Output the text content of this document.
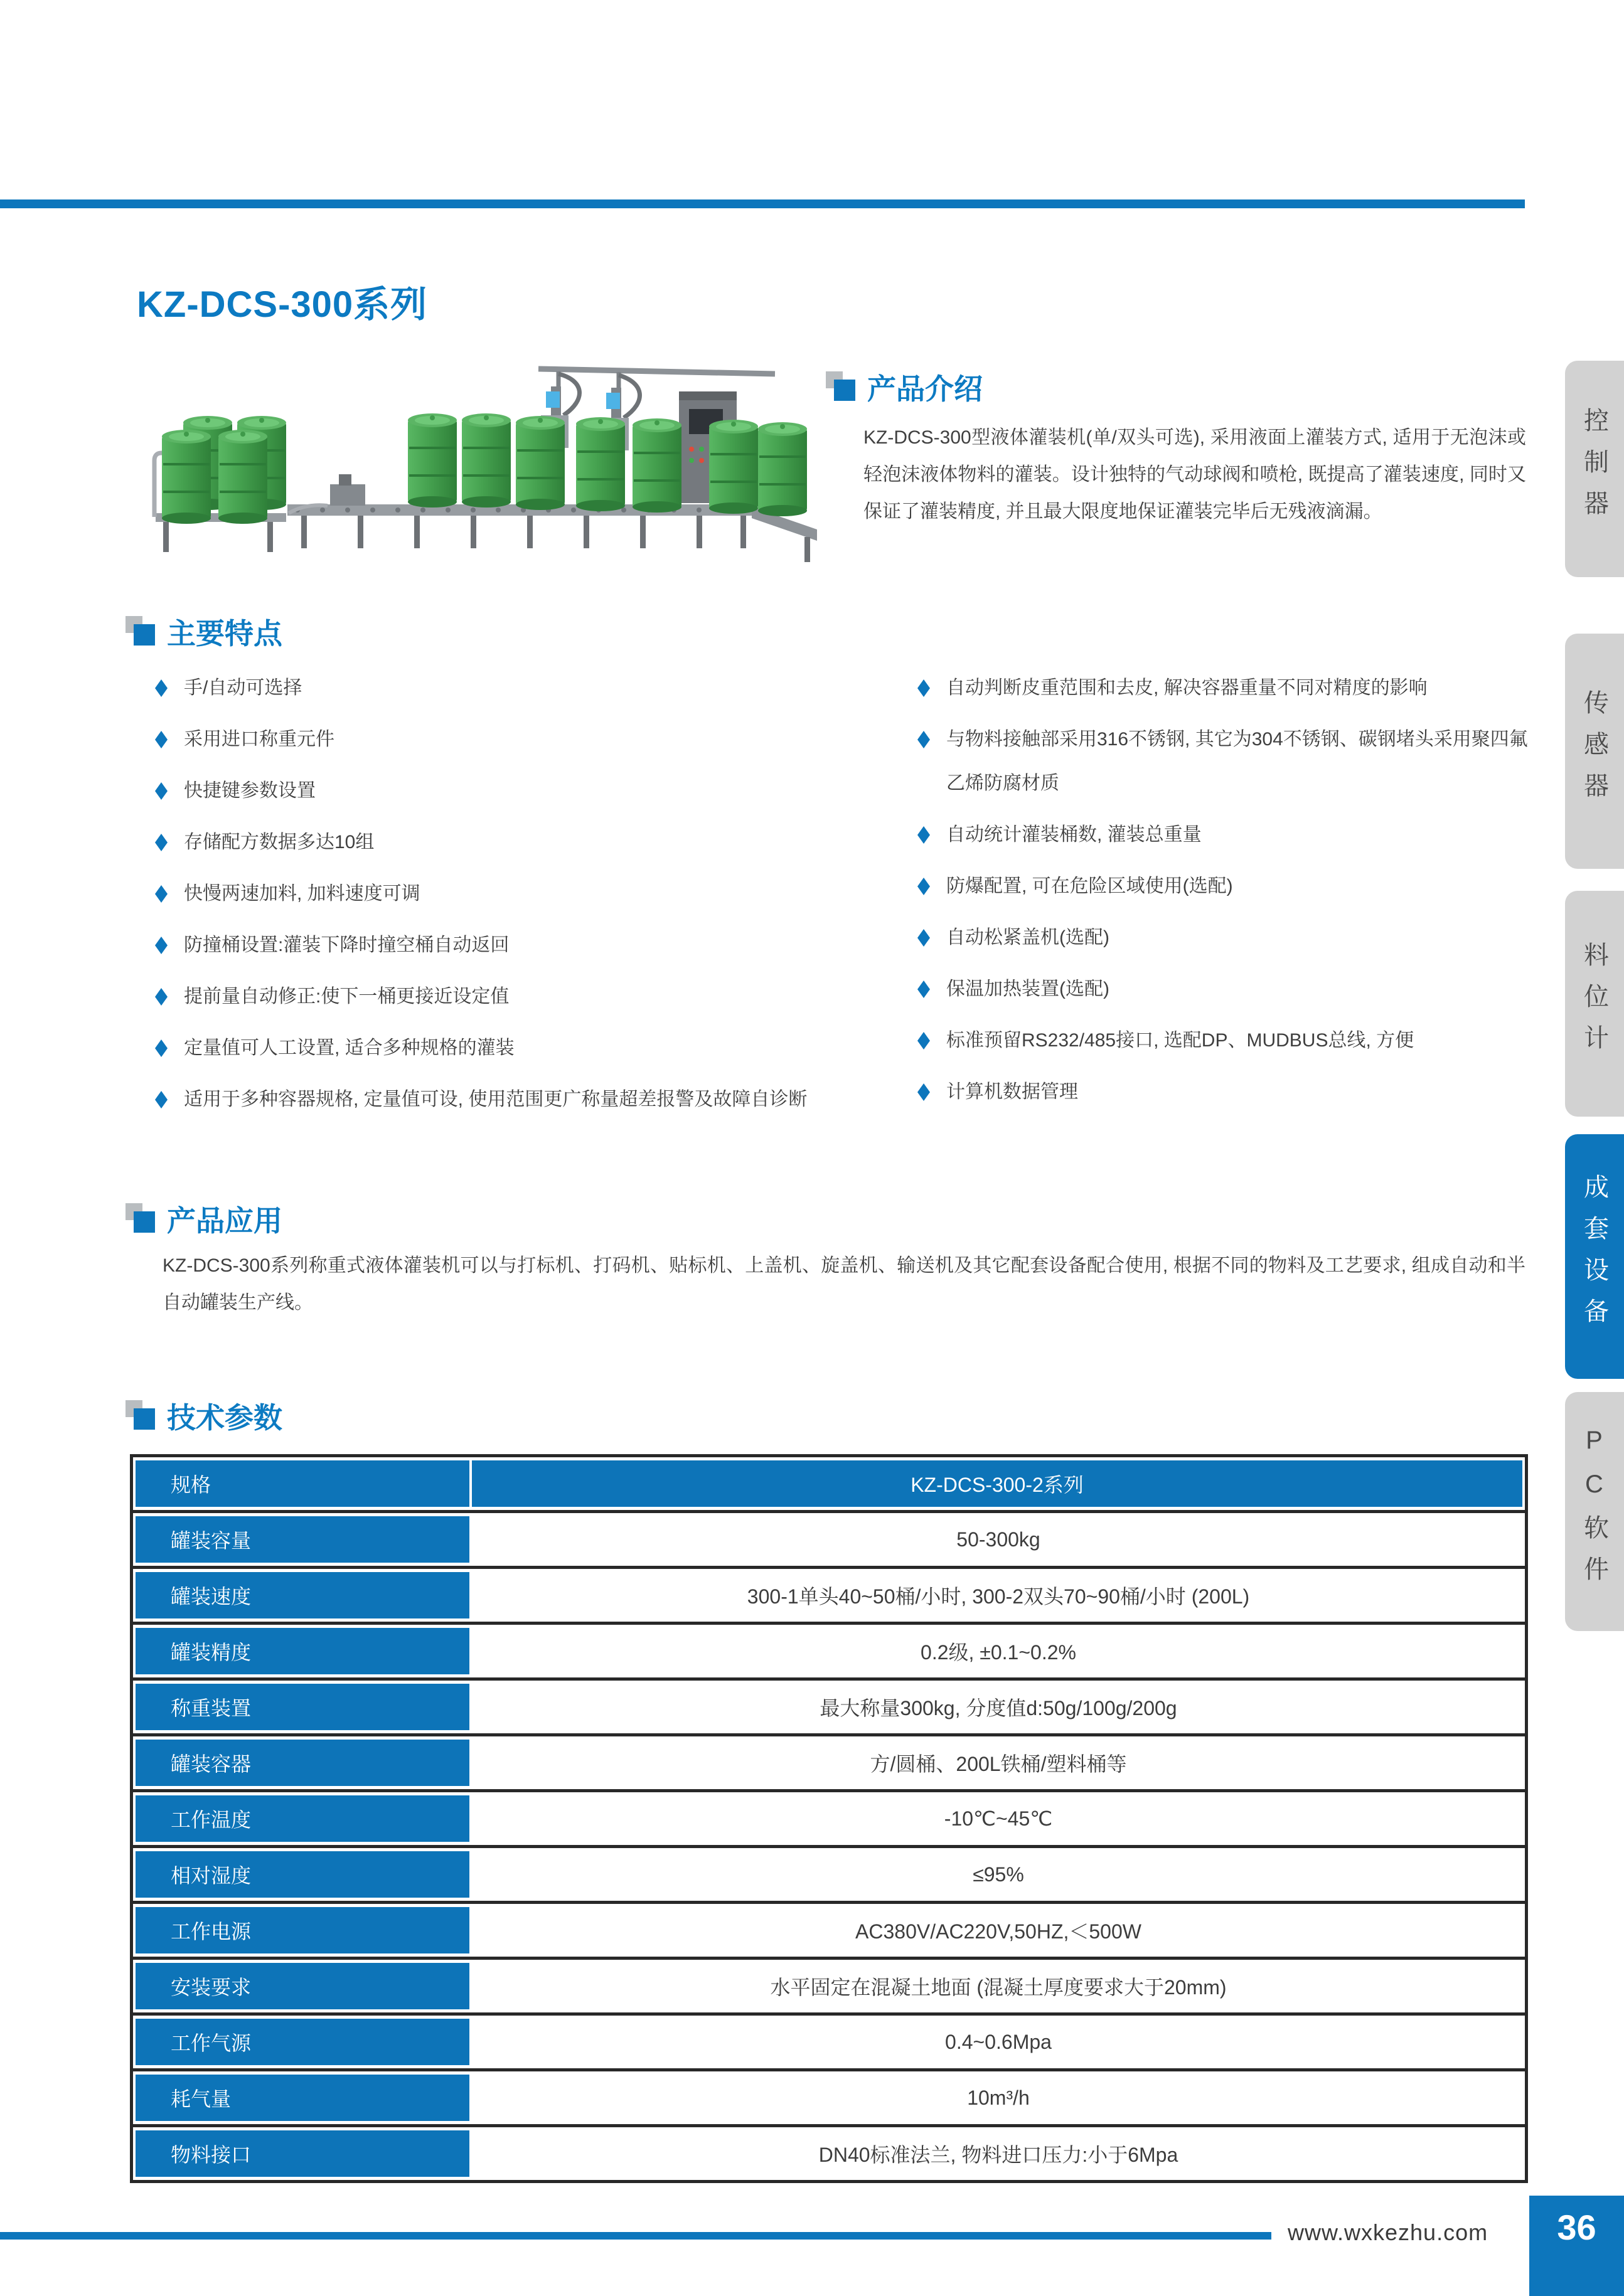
KZ-DCS-300系列
产品介绍
KZ-DCS-300型液体灌装机(单/双头可选), 采用液面上灌装方式, 适用于无泡沫或轻泡沫液体物料的灌装。设计独特的气动球阀和喷枪, 既提高了灌装速度, 同时又保证了灌装精度, 并且最大限度地保证灌装完毕后无残液滴漏。
主要特点
手/自动可选择
采用进口称重元件
快捷键参数设置
存储配方数据多达10组
快慢两速加料, 加料速度可调
防撞桶设置:灌装下降时撞空桶自动返回
提前量自动修正:使下一桶更接近设定值
定量值可人工设置, 适合多种规格的灌装
适用于多种容器规格, 定量值可设, 使用范围更广称量超差报警及故障自诊断
自动判断皮重范围和去皮, 解决容器重量不同对精度的影响
与物料接触部采用316不锈钢, 其它为304不锈钢、碳钢堵头采用聚四氟乙烯防腐材质
自动统计灌装桶数, 灌装总重量
防爆配置, 可在危险区域使用(选配)
自动松紧盖机(选配)
保温加热装置(选配)
标准预留RS232/485接口, 选配DP、MUDBUS总线, 方便
计算机数据管理
产品应用
KZ-DCS-300系列称重式液体灌装机可以与打标机、打码机、贴标机、上盖机、旋盖机、输送机及其它配套设备配合使用, 根据不同的物料及工艺要求, 组成自动和半自动罐装生产线。
技术参数
规格	KZ-DCS-300-2系列
罐装容量	50-300kg
罐装速度	300-1单头40~50桶/小时, 300-2双头70~90桶/小时 (200L)
罐装精度	0.2级, ±0.1~0.2%
称重装置	最大称量300kg, 分度值d:50g/100g/200g
罐装容器	方/圆桶、200L铁桶/塑料桶等
工作温度	-10℃~45℃
相对湿度	≤95%
工作电源	AC380V/AC220V,50HZ,＜500W
安装要求	水平固定在混凝土地面 (混凝土厚度要求大于20mm)
工作气源	0.4~0.6Mpa
耗气量	10m³/h
物料接口	DN40标准法兰, 物料进口压力:小于6Mpa
控制器
传感器
料位计
成套设备
PC软件
www.wxkezhu.com	36
